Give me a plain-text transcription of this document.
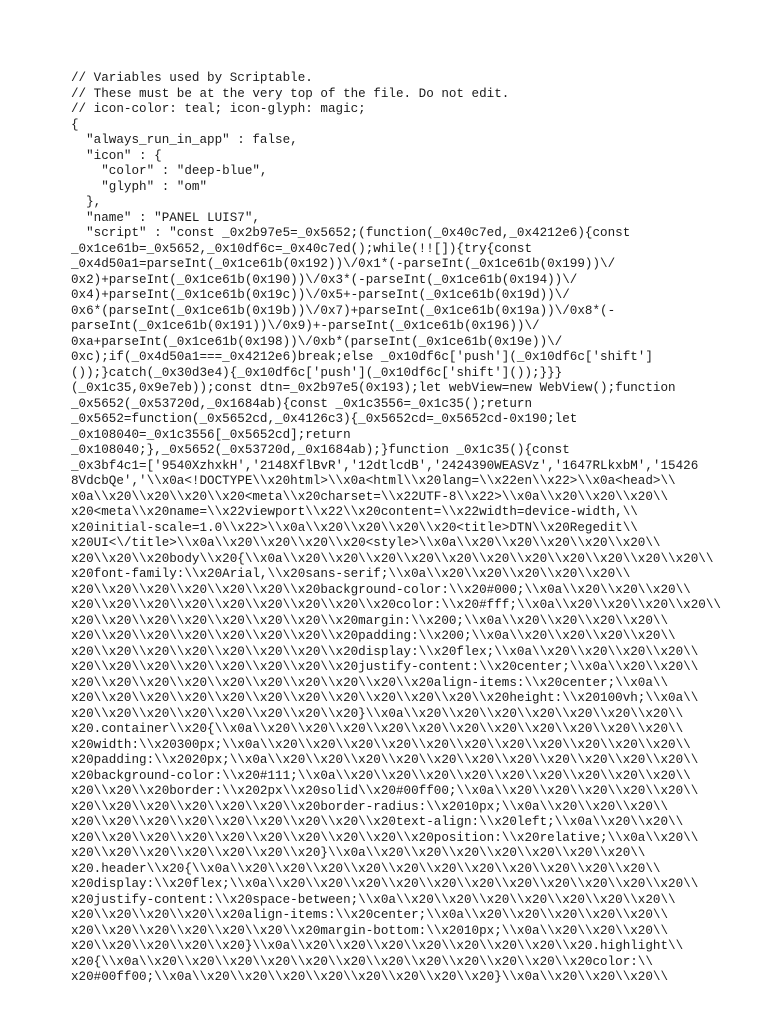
// Variables used by Scriptable.
// These must be at the very top of the file. Do not edit.
// icon-color: teal; icon-glyph: magic;
{
"always_run_in_app" : false,
"icon" : {
"color" : "deep-blue",
"glyph" : "om"
},
"name" : "PANEL LUIS7",
"script" : "const _0x2b97e5=_0x5652;(function(_0x40c7ed,_0x4212e6){const
_0x1ce61b=_0x5652,_0x10df6c=_0x40c7ed();while(!![]){try{const
_0x4d50a1=parseInt(_0x1ce61b(0x192))\/0x1*(-parseInt(_0x1ce61b(0x199))\/
0x2)+parseInt(_0x1ce61b(0x190))\/0x3*(-parseInt(_0x1ce61b(0x194))\/
0x4)+parseInt(_0x1ce61b(0x19c))\/0x5+-parseInt(_0x1ce61b(0x19d))\/
0x6*(parseInt(_0x1ce61b(0x19b))\/0x7)+parseInt(_0x1ce61b(0x19a))\/0x8*(-
parseInt(_0x1ce61b(0x191))\/0x9)+-parseInt(_0x1ce61b(0x196))\/
0xa+parseInt(_0x1ce61b(0x198))\/0xb*(parseInt(_0x1ce61b(0x19e))\/
0xc);if(_0x4d50a1===_0x4212e6)break;else _0x10df6c['push'](_0x10df6c['shift']
());}catch(_0x30d3e4){_0x10df6c['push'](_0x10df6c['shift']());}}}
(_0x1c35,0x9e7eb));const dtn=_0x2b97e5(0x193);let webView=new WebView();function
_0x5652(_0x53720d,_0x1684ab){const _0x1c3556=_0x1c35();return
_0x5652=function(_0x5652cd,_0x4126c3){_0x5652cd=_0x5652cd-0x190;let
_0x108040=_0x1c3556[_0x5652cd];return
_0x108040;},_0x5652(_0x53720d,_0x1684ab);}function _0x1c35(){const
_0x3bf4c1=['9540XzhxkH','2148XflBvR','12dtlcdB','2424390WEASVz','1647RLkxbM','15426
8VdcbQe','\\x0a<!DOCTYPE\\x20html>\\x0a<html\\x20lang=\\x22en\\x22>\\x0a<head>\\
x0a\\x20\\x20\\x20\\x20<meta\\x20charset=\\x22UTF-8\\x22>\\x0a\\x20\\x20\\x20\\
x20<meta\\x20name=\\x22viewport\\x22\\x20content=\\x22width=device-width,\\
x20initial-scale=1.0\\x22>\\x0a\\x20\\x20\\x20\\x20<title>DTN\\x20Regedit\\
x20UI<\/title>\\x0a\\x20\\x20\\x20\\x20<style>\\x0a\\x20\\x20\\x20\\x20\\x20\\
x20\\x20\\x20body\\x20{\\x0a\\x20\\x20\\x20\\x20\\x20\\x20\\x20\\x20\\x20\\x20\\x20\\
x20font-family:\\x20Arial,\\x20sans-serif;\\x0a\\x20\\x20\\x20\\x20\\x20\\
x20\\x20\\x20\\x20\\x20\\x20\\x20background-color:\\x20#000;\\x0a\\x20\\x20\\x20\\
x20\\x20\\x20\\x20\\x20\\x20\\x20\\x20\\x20color:\\x20#fff;\\x0a\\x20\\x20\\x20\\x20\\
x20\\x20\\x20\\x20\\x20\\x20\\x20\\x20margin:\\x200;\\x0a\\x20\\x20\\x20\\x20\\
x20\\x20\\x20\\x20\\x20\\x20\\x20\\x20padding:\\x200;\\x0a\\x20\\x20\\x20\\x20\\
x20\\x20\\x20\\x20\\x20\\x20\\x20\\x20display:\\x20flex;\\x0a\\x20\\x20\\x20\\x20\\
x20\\x20\\x20\\x20\\x20\\x20\\x20\\x20justify-content:\\x20center;\\x0a\\x20\\x20\\
x20\\x20\\x20\\x20\\x20\\x20\\x20\\x20\\x20\\x20align-items:\\x20center;\\x0a\\
x20\\x20\\x20\\x20\\x20\\x20\\x20\\x20\\x20\\x20\\x20\\x20height:\\x20100vh;\\x0a\\
x20\\x20\\x20\\x20\\x20\\x20\\x20\\x20}\\x0a\\x20\\x20\\x20\\x20\\x20\\x20\\x20\\
x20.container\\x20{\\x0a\\x20\\x20\\x20\\x20\\x20\\x20\\x20\\x20\\x20\\x20\\x20\\
x20width:\\x20300px;\\x0a\\x20\\x20\\x20\\x20\\x20\\x20\\x20\\x20\\x20\\x20\\x20\\
x20padding:\\x2020px;\\x0a\\x20\\x20\\x20\\x20\\x20\\x20\\x20\\x20\\x20\\x20\\x20\\
x20background-color:\\x20#111;\\x0a\\x20\\x20\\x20\\x20\\x20\\x20\\x20\\x20\\x20\\
x20\\x20\\x20border:\\x202px\\x20solid\\x20#00ff00;\\x0a\\x20\\x20\\x20\\x20\\x20\\
x20\\x20\\x20\\x20\\x20\\x20\\x20border-radius:\\x2010px;\\x0a\\x20\\x20\\x20\\
x20\\x20\\x20\\x20\\x20\\x20\\x20\\x20\\x20text-align:\\x20left;\\x0a\\x20\\x20\\
x20\\x20\\x20\\x20\\x20\\x20\\x20\\x20\\x20\\x20position:\\x20relative;\\x0a\\x20\\
x20\\x20\\x20\\x20\\x20\\x20\\x20}\\x0a\\x20\\x20\\x20\\x20\\x20\\x20\\x20\\
x20.header\\x20{\\x0a\\x20\\x20\\x20\\x20\\x20\\x20\\x20\\x20\\x20\\x20\\x20\\
x20display:\\x20flex;\\x0a\\x20\\x20\\x20\\x20\\x20\\x20\\x20\\x20\\x20\\x20\\x20\\
x20justify-content:\\x20space-between;\\x0a\\x20\\x20\\x20\\x20\\x20\\x20\\x20\\
x20\\x20\\x20\\x20\\x20align-items:\\x20center;\\x0a\\x20\\x20\\x20\\x20\\x20\\
x20\\x20\\x20\\x20\\x20\\x20\\x20margin-bottom:\\x2010px;\\x0a\\x20\\x20\\x20\\
x20\\x20\\x20\\x20\\x20}\\x0a\\x20\\x20\\x20\\x20\\x20\\x20\\x20\\x20.highlight\\
x20{\\x0a\\x20\\x20\\x20\\x20\\x20\\x20\\x20\\x20\\x20\\x20\\x20\\x20color:\\
x20#00ff00;\\x0a\\x20\\x20\\x20\\x20\\x20\\x20\\x20\\x20}\\x0a\\x20\\x20\\x20\\
